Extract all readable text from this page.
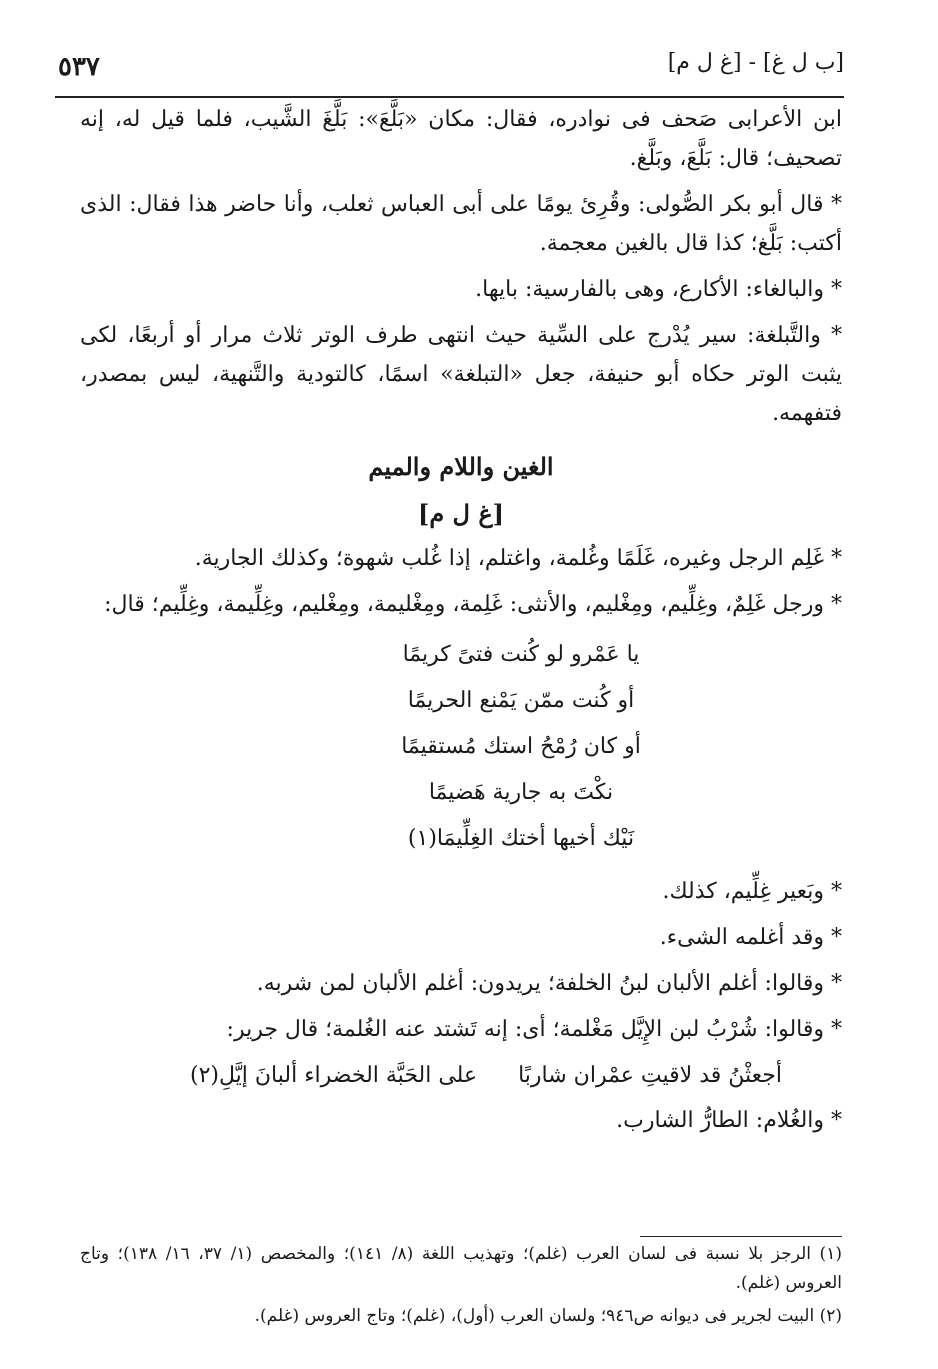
٥٣٧	[ب ل غ] - [غ ل م]

ابن الأعرابى صَحف فى نوادره، فقال: مكان «بَلَّعَ»: بَلَّغَ الشَّيب، فلما قيل له، إنه تصحيف؛ قال: بَلَّعَ، وبَلَّغ.

* قال أبو بكر الصُّولى: وقُرِئ يومًا على أبى العباس ثعلب، وأنا حاضر هذا فقال: الذى أكتب: بَلَّغ؛ كذا قال بالغين معجمة.

* والبالغاء: الأكارع، وهى بالفارسية: بايها.

* والتَّبلغة: سير يُدْرج على السِّية حيث انتهى طرف الوتر ثلاث مرار أو أربعًا، لكى يثبت الوتر حكاه أبو حنيفة، جعل «التبلغة» اسمًا، كالتودية والتَّنهية، ليس بمصدر، فتفهمه.

الغين واللام والميم

[غ ل م]

* غَلِم الرجل وغيره، غَلَمًا وغُلمة، واغتلم، إذا غُلب شهوة؛ وكذلك الجارية.

* ورجل غَلِمٌ، وغِلِّيم، ومِغْليم، والأنثى: غَلِمة، ومِغْليمة، ومِغْليم، وغِلِّيمة، وغِلِّيم؛ قال:

يا عَمْرو لو كُنت فتىً كريمًا

أو كُنت ممّن يَمْنع الحريمًا

أو كان رُمْحُ استك مُستقيمًا

نكْتَ به جارية هَضيمًا

نَيْك أخيها أختك الغِلِّيمَا(١)

* وبَعير غِلِّيم، كذلك.

* وقد أغلمه الشىء.

* وقالوا: أغلم الألبان لبنُ الخلفة؛ يريدون: أغلم الألبان لمن شربه.

* وقالوا: شُرْبُ لبن الإِيَّل مَغْلمة؛ أى: إنه تَشتد عنه الغُلمة؛ قال جرير:

أجعثْنُ قد لاقيتِ عمْران شاربًا
على الحَبَّة الخضراء ألبانَ إيَّلِ(٢)

* والغُلام: الطارُّ الشارب.

(١) الرجز بلا نسبة فى لسان العرب (غلم)؛ وتهذيب اللغة (٨/ ١٤١)؛ والمخصص (١/ ٣٧، ١٦/ ١٣٨)؛ وتاج العروس (غلم).

(٢) البيت لجرير فى ديوانه ص٩٤٦؛ ولسان العرب (أول)، (غلم)؛ وتاج العروس (غلم).
